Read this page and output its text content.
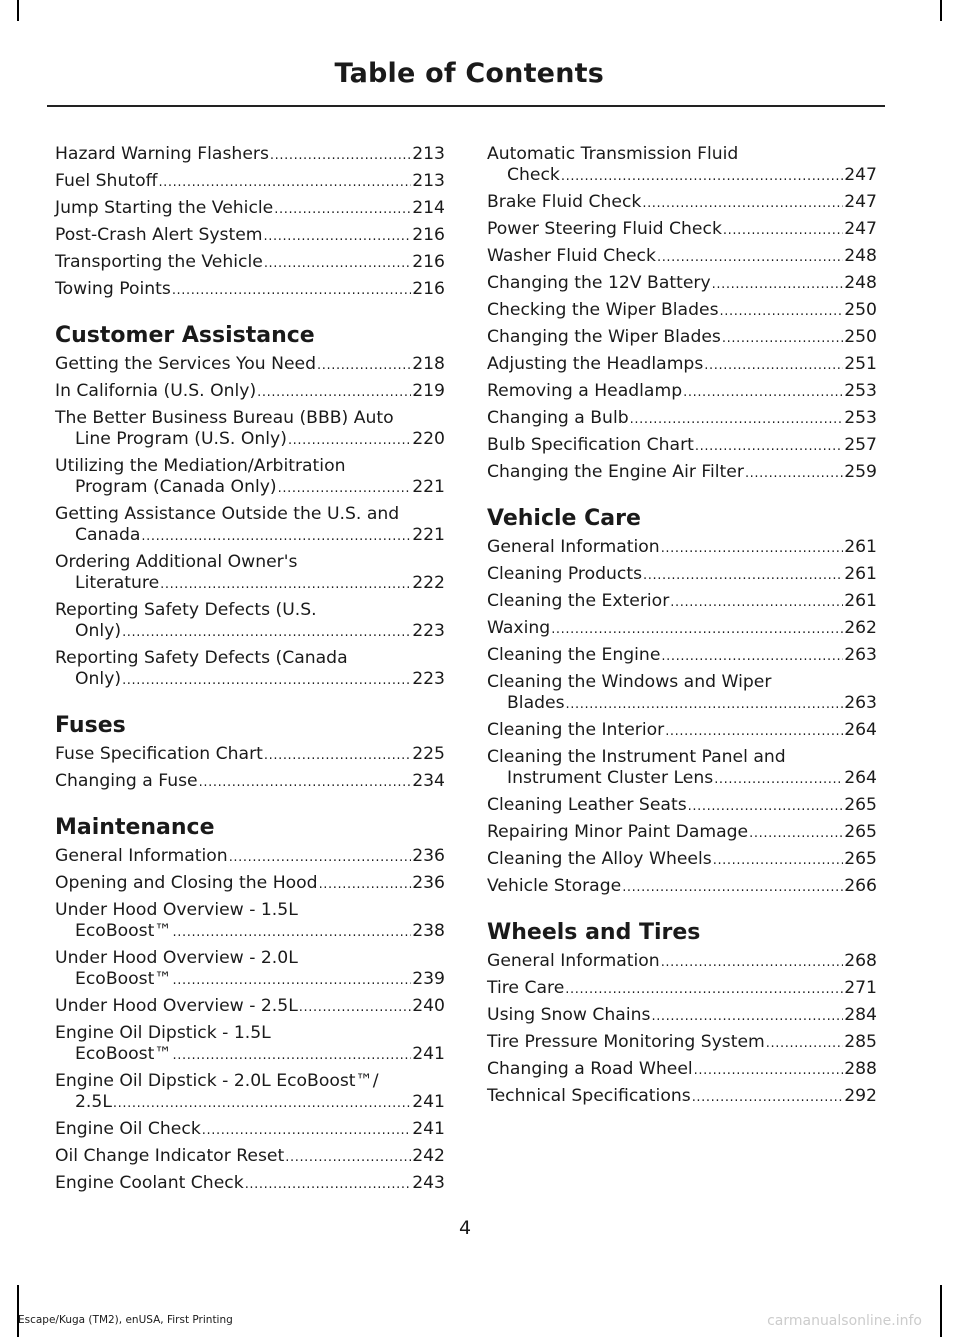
Table of Contents
Hazard Warning Flashers .....	213
Fuel Shutoff .....	213
Jump Starting the Vehicle .....	214
Post-Crash Alert System .....	216
Transporting the Vehicle .....	216
Towing Points .....	216
Customer Assistance
Getting the Services You Need .....	218
In California (U.S. Only) .....	219
The Better Business Bureau (BBB) Auto
Line Program (U.S. Only) .....	220
Utilizing the Mediation/Arbitration
Program (Canada Only) .....	221
Getting Assistance Outside the U.S. and
Canada .....	221
Ordering Additional Owner's
Literature .....	222
Reporting Safety Defects (U.S.
Only) .....	223
Reporting Safety Defects (Canada
Only) .....	223
Fuses
Fuse Specification Chart .....	225
Changing a Fuse .....	234
Maintenance
General Information .....	236
Opening and Closing the Hood .....	236
Under Hood Overview - 1.5L
EcoBoost™ .....	238
Under Hood Overview - 2.0L
EcoBoost™ .....	239
Under Hood Overview - 2.5L .....	240
Engine Oil Dipstick - 1.5L
EcoBoost™ .....	241
Engine Oil Dipstick - 2.0L EcoBoost™/
2.5L .....	241
Engine Oil Check .....	241
Oil Change Indicator Reset .....	242
Engine Coolant Check .....	243
Automatic Transmission Fluid
Check .....	247
Brake Fluid Check .....	247
Power Steering Fluid Check .....	247
Washer Fluid Check .....	248
Changing the 12V Battery .....	248
Checking the Wiper Blades .....	250
Changing the Wiper Blades .....	250
Adjusting the Headlamps .....	251
Removing a Headlamp .....	253
Changing a Bulb .....	253
Bulb Specification Chart .....	257
Changing the Engine Air Filter .....	259
Vehicle Care
General Information .....	261
Cleaning Products .....	261
Cleaning the Exterior .....	261
Waxing .....	262
Cleaning the Engine .....	263
Cleaning the Windows and Wiper
Blades .....	263
Cleaning the Interior .....	264
Cleaning the Instrument Panel and
Instrument Cluster Lens .....	264
Cleaning Leather Seats .....	265
Repairing Minor Paint Damage .....	265
Cleaning the Alloy Wheels .....	265
Vehicle Storage .....	266
Wheels and Tires
General Information .....	268
Tire Care .....	271
Using Snow Chains .....	284
Tire Pressure Monitoring System .....	285
Changing a Road Wheel .....	288
Technical Specifications .....	292
4
Escape/Kuga (TM2), enUSA, First Printing	carmanualsonline.info
